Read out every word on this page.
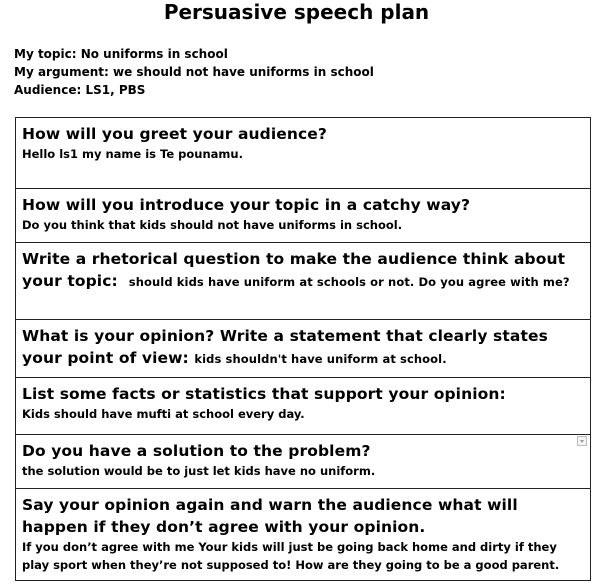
Persuasive speech plan
My topic: No uniforms in school
My argument: we should not have uniforms in school
Audience: LS1, PBS
How will you greet your audience?
Hello ls1 my name is Te pounamu.
How will you introduce your topic in a catchy way?
Do you think that kids should not have uniforms in school.
Write a rhetorical question to make the audience think about your topic: should kids have uniform at schools or not. Do you agree with me?
What is your opinion? Write a statement that clearly states your point of view: kids shouldn't have uniform at school.
List some facts or statistics that support your opinion:
Kids should have mufti at school every day.
Do you have a solution to the problem?
the solution would be to just let kids have no uniform.
Say your opinion again and warn the audience what will happen if they don’t agree with your opinion.
If you don’t agree with me Your kids will just be going back home and dirty if they play sport when they’re not supposed to! How are they going to be a good parent.
